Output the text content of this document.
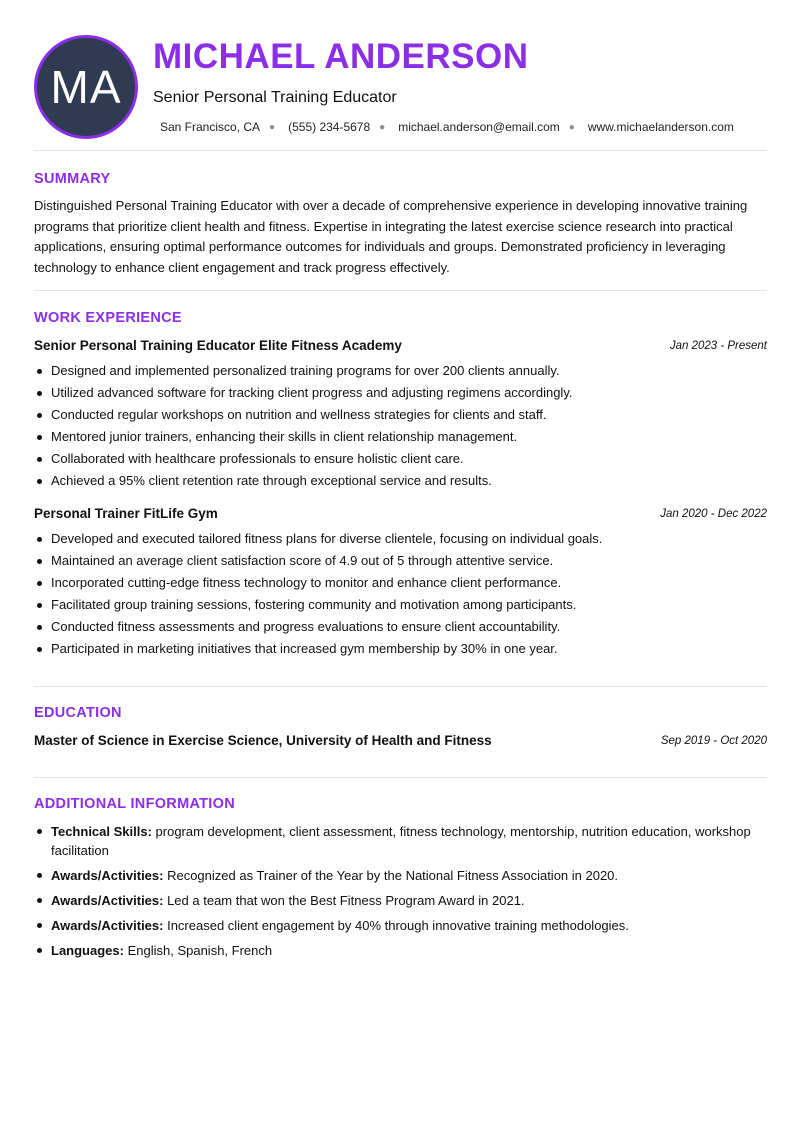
MA
MICHAEL ANDERSON
Senior Personal Training Educator
San Francisco, CA ● (555) 234-5678 ● michael.anderson@email.com ● www.michaelanderson.com
SUMMARY
Distinguished Personal Training Educator with over a decade of comprehensive experience in developing innovative training programs that prioritize client health and fitness. Expertise in integrating the latest exercise science research into practical applications, ensuring optimal performance outcomes for individuals and groups. Demonstrated proficiency in leveraging technology to enhance client engagement and track progress effectively.
WORK EXPERIENCE
Senior Personal Training Educator Elite Fitness Academy	Jan 2023 - Present
Designed and implemented personalized training programs for over 200 clients annually.
Utilized advanced software for tracking client progress and adjusting regimens accordingly.
Conducted regular workshops on nutrition and wellness strategies for clients and staff.
Mentored junior trainers, enhancing their skills in client relationship management.
Collaborated with healthcare professionals to ensure holistic client care.
Achieved a 95% client retention rate through exceptional service and results.
Personal Trainer FitLife Gym	Jan 2020 - Dec 2022
Developed and executed tailored fitness plans for diverse clientele, focusing on individual goals.
Maintained an average client satisfaction score of 4.9 out of 5 through attentive service.
Incorporated cutting-edge fitness technology to monitor and enhance client performance.
Facilitated group training sessions, fostering community and motivation among participants.
Conducted fitness assessments and progress evaluations to ensure client accountability.
Participated in marketing initiatives that increased gym membership by 30% in one year.
EDUCATION
Master of Science in Exercise Science, University of Health and Fitness	Sep 2019 - Oct 2020
ADDITIONAL INFORMATION
Technical Skills: program development, client assessment, fitness technology, mentorship, nutrition education, workshop facilitation
Awards/Activities: Recognized as Trainer of the Year by the National Fitness Association in 2020.
Awards/Activities: Led a team that won the Best Fitness Program Award in 2021.
Awards/Activities: Increased client engagement by 40% through innovative training methodologies.
Languages: English, Spanish, French
